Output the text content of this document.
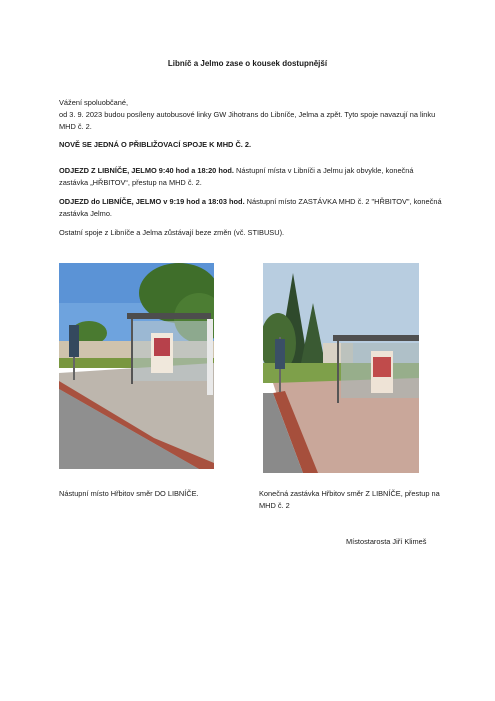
Libníč a Jelmo zase o kousek dostupnější
Vážení spoluobčané,
od 3. 9. 2023 budou posíleny autobusové linky GW Jihotrans do Libníče, Jelma a zpět. Tyto spoje navazují na linku MHD č. 2.
NOVĚ SE JEDNÁ O PŘIBLIŽOVACÍ SPOJE K MHD Č. 2.
ODJEZD Z LIBNÍČE, JELMO 9:40 hod a 18:20 hod. Nástupní místa v Libníči a Jelmu jak obvykle, konečná zastávka „HŘBITOV“, přestup na MHD č. 2.
ODJEZD do LIBNÍČE, JELMO v 9:19 hod a 18:03 hod. Nástupní místo ZASTÁVKA MHD č. 2 "HŘBITOV", konečná zastávka Jelmo.
Ostatní spoje z Libníče a Jelma zůstávají beze změn (vč. STIBUSU).
Nástupní místo Hřbitov směr DO LIBNÍČE.	Konečná zastávka Hřbitov směr Z LIBNÍČE, přestup na MHD č. 2
Místostarosta Jiří Klimeš
